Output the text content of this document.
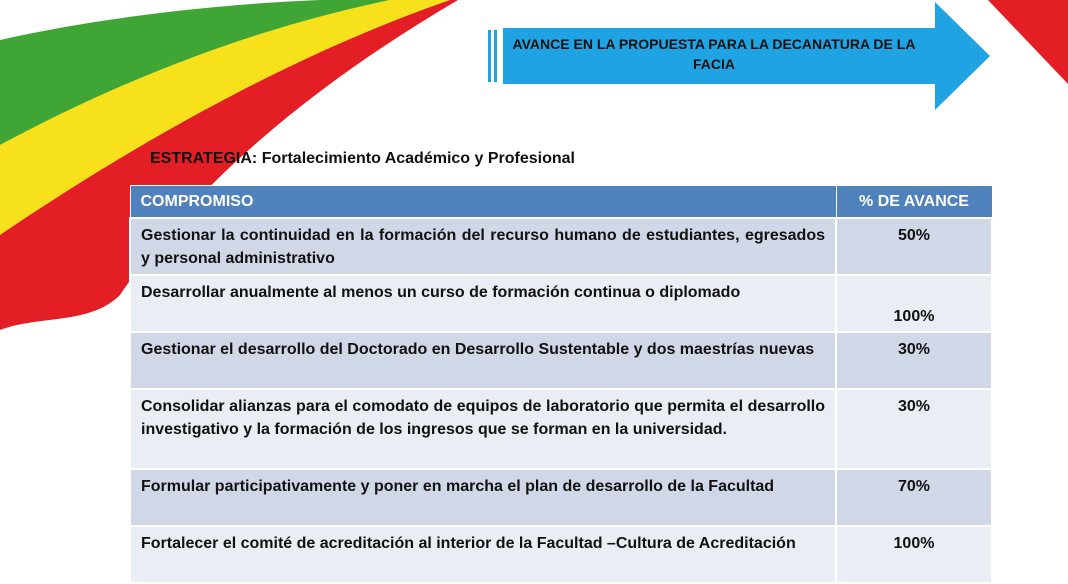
AVANCE EN LA PROPUESTA PARA LA DECANATURA DE LA FACIA
ESTRATEGIA: Fortalecimiento Académico y Profesional
COMPROMISO	% DE AVANCE
Gestionar la continuidad en la formación del recurso humano de estudiantes, egresados y personal administrativo	50%
Desarrollar anualmente al menos un curso de formación continua o diplomado	100%
Gestionar el desarrollo del Doctorado en Desarrollo Sustentable y dos maestrías nuevas	30%
Consolidar alianzas para el comodato de equipos de laboratorio que permita el desarrollo investigativo y la formación de los ingresos que se forman en la universidad.	30%
Formular participativamente y poner en marcha el plan de desarrollo de la Facultad	70%
Fortalecer el comité de acreditación al interior de la Facultad –Cultura de Acreditación	100%
